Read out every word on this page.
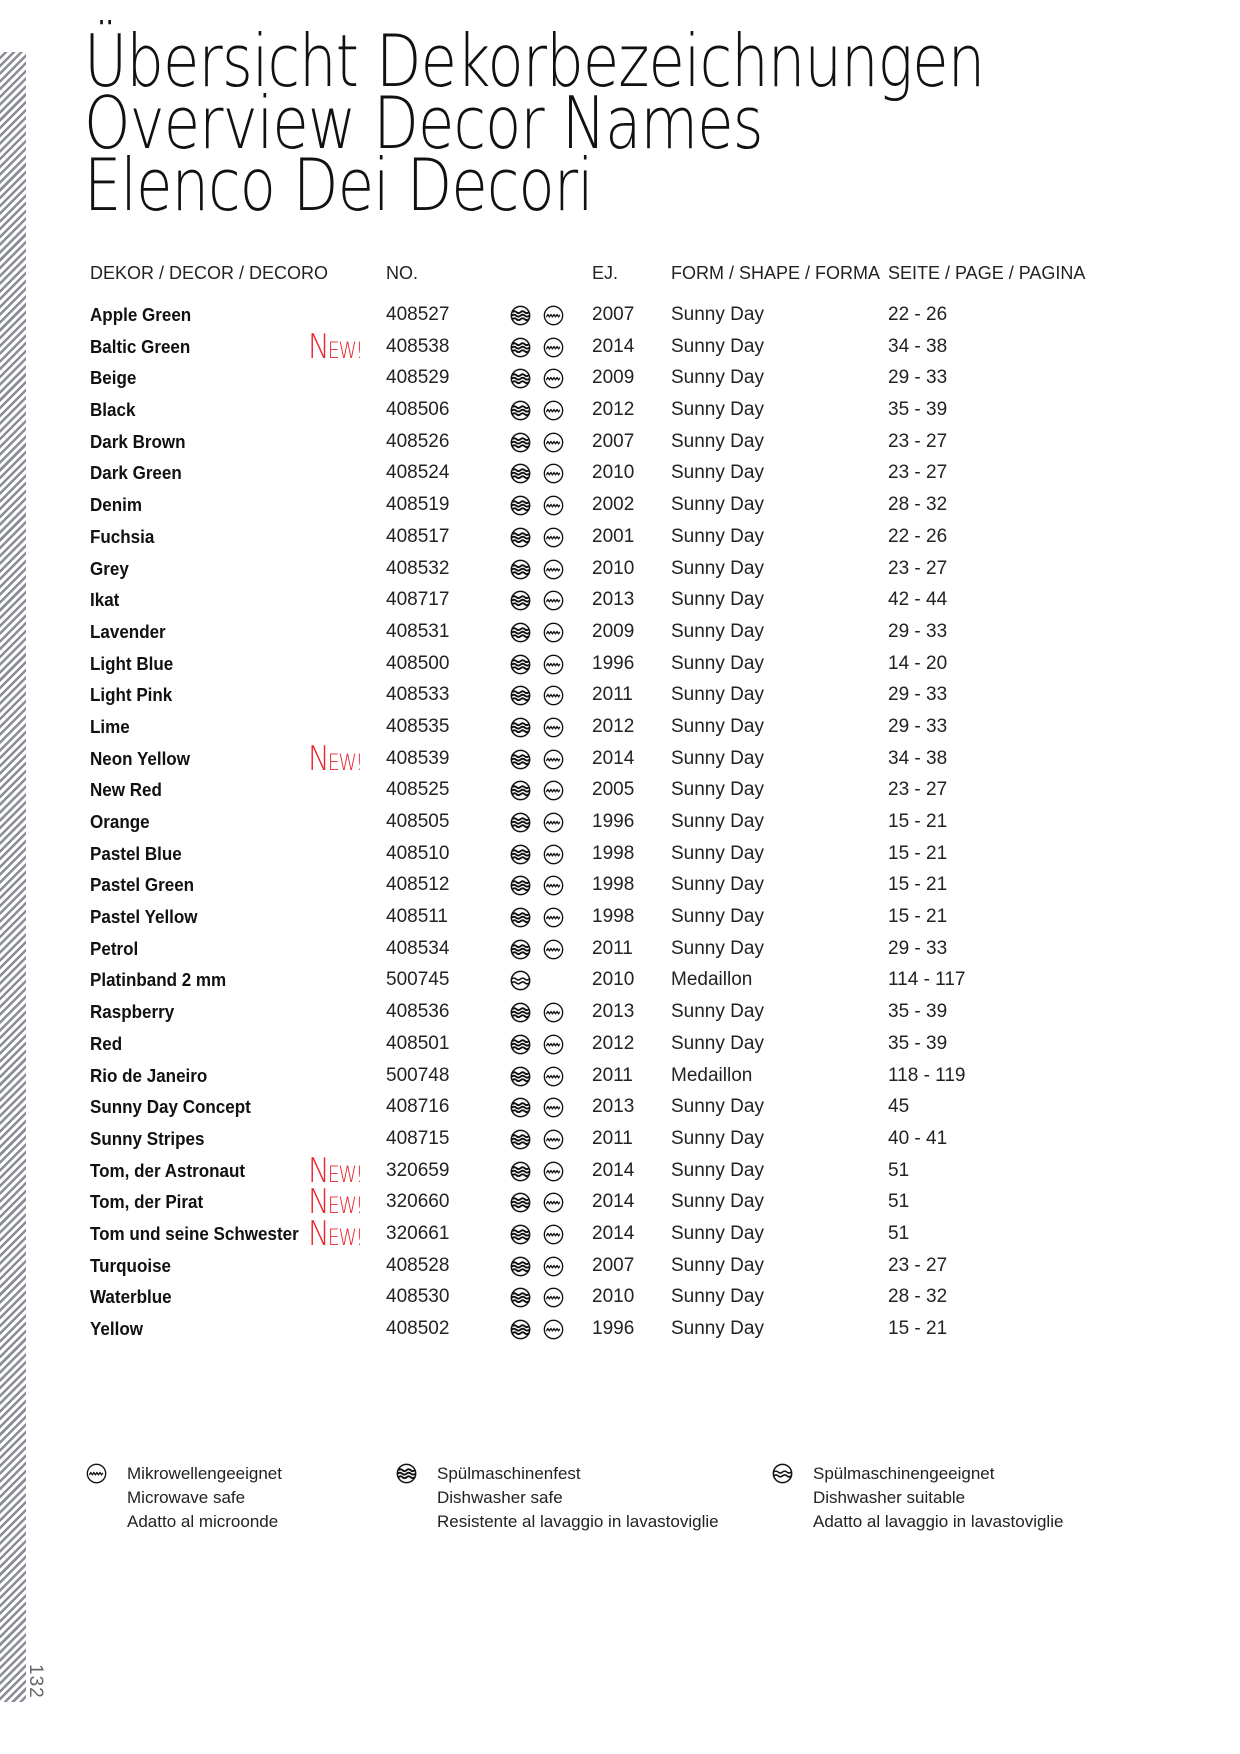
132
Übersicht Dekorbezeichnungen
Overview Decor Names
Elenco Dei Decori
DEKOR / DECOR / DECORO	NO.	EJ.	FORM / SHAPE / FORMA SEITE / PAGE / PAGINA
Apple Green	408527	2007 Sunny Day	22 - 26
Baltic Green	NEW! 408538	2014 Sunny Day	34 - 38
Beige	408529	2009 Sunny Day	29 - 33
Black	408506	2012 Sunny Day	35 - 39
Dark Brown	408526	2007 Sunny Day	23 - 27
Dark Green	408524	2010 Sunny Day	23 - 27
Denim	408519	2002 Sunny Day	28 - 32
Fuchsia	408517	2001 Sunny Day	22 - 26
Grey	408532	2010 Sunny Day	23 - 27
Ikat	408717	2013 Sunny Day	42 - 44
Lavender	408531	2009 Sunny Day	29 - 33
Light Blue	408500	1996 Sunny Day	14 - 20
Light Pink	408533	2011 Sunny Day	29 - 33
Lime	408535	2012 Sunny Day	29 - 33
Neon Yellow	NEW! 408539	2014 Sunny Day	34 - 38
New Red	408525	2005 Sunny Day	23 - 27
Orange	408505	1996 Sunny Day	15 - 21
Pastel Blue	408510	1998 Sunny Day	15 - 21
Pastel Green	408512	1998 Sunny Day	15 - 21
Pastel Yellow	408511	1998 Sunny Day	15 - 21
Petrol	408534	2011 Sunny Day	29 - 33
Platinband 2 mm	500745	2010 Medaillon	114 - 117
Raspberry	408536	2013 Sunny Day	35 - 39
Red	408501	2012 Sunny Day	35 - 39
Rio de Janeiro	500748	2011 Medaillon	118 - 119
Sunny Day Concept	408716	2013 Sunny Day	45
Sunny Stripes	408715	2011 Sunny Day	40 - 41
Tom, der Astronaut NEW! 320659	2014 Sunny Day	51
Tom, der Pirat	NEW! 320660	2014 Sunny Day	51
Tom und seine Schwester NEW! 320661	2014 Sunny Day	51
Turquoise	408528	2007 Sunny Day	23 - 27
Waterblue	408530	2010 Sunny Day	28 - 32
Yellow	408502	1996 Sunny Day	15 - 21
Mikrowellengeeignet
Microwave safe
Adatto al microonde
Spülmaschinenfest
Dishwasher safe
Resistente al lavaggio in lavastoviglie
Spülmaschinengeeignet
Dishwasher suitable
Adatto al lavaggio in lavastoviglie
